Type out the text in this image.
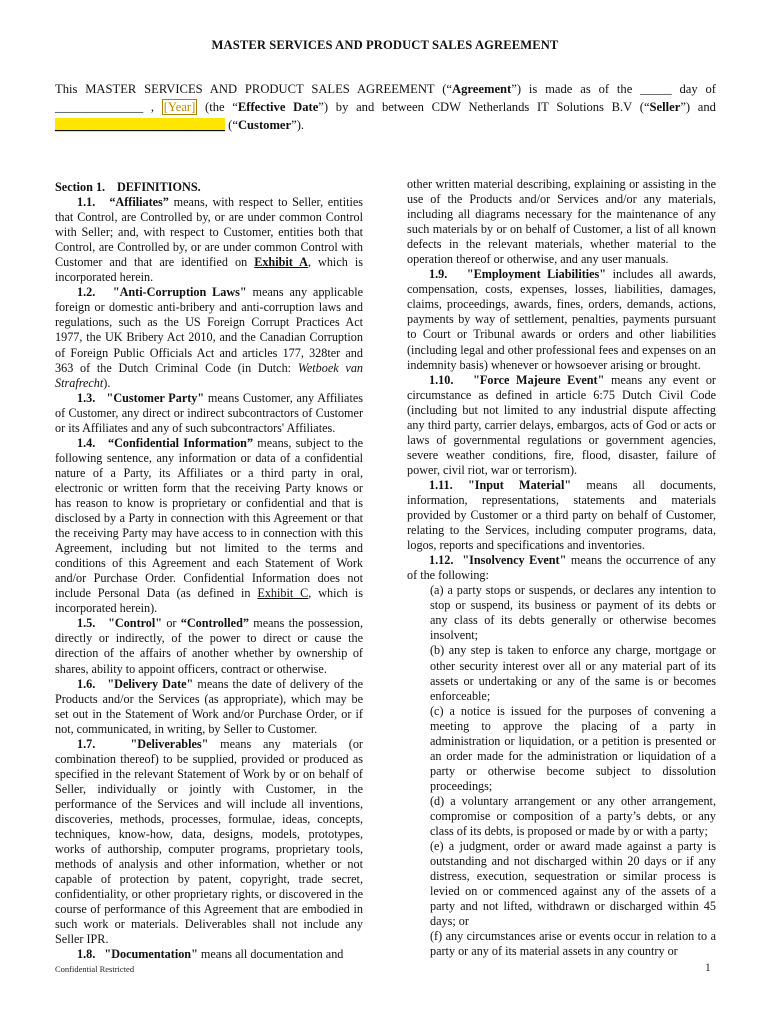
MASTER SERVICES AND PRODUCT SALES AGREEMENT
This MASTER SERVICES AND PRODUCT SALES AGREEMENT (“Agreement”) is made as of the _____ day of ______________ , [Year] (the “Effective Date”) by and between CDW Netherlands IT Solutions B.V (“Seller”) and ___________________________ (“Customer”).

Section 1. DEFINITIONS.

1.1. “Affiliates” means, with respect to Seller, entities that Control, are Controlled by, or are under common Control with Seller; and, with respect to Customer, entities both that Control, are Controlled by, or are under common Control with Customer and that are identified on Exhibit A, which is incorporated herein.

1.2. "Anti-Corruption Laws" means any applicable foreign or domestic anti-bribery and anti-corruption laws and regulations, such as the US Foreign Corrupt Practices Act 1977, the UK Bribery Act 2010, and the Canadian Corruption of Foreign Public Officials Act and articles 177, 328ter and 363 of the Dutch Criminal Code (in Dutch: Wetboek van Strafrecht).

1.3. "Customer Party" means Customer, any Affiliates of Customer, any direct or indirect subcontractors of Customer or its Affiliates and any of such subcontractors' Affiliates.

1.4. “Confidential Information” means, subject to the following sentence, any information or data of a confidential nature of a Party, its Affiliates or a third party in oral, electronic or written form that the receiving Party knows or has reason to know is proprietary or confidential and that is disclosed by a Party in connection with this Agreement or that the receiving Party may have access to in connection with this Agreement, including but not limited to the terms and conditions of this Agreement and each Statement of Work and/or Purchase Order. Confidential Information does not include Personal Data (as defined in Exhibit C, which is incorporated herein).

1.5. "Control" or “Controlled” means the possession, directly or indirectly, of the power to direct or cause the direction of the affairs of another whether by ownership of shares, ability to appoint officers, contract or otherwise.

1.6. "Delivery Date" means the date of delivery of the Products and/or the Services (as appropriate), which may be set out in the Statement of Work and/or Purchase Order, or if not, communicated, in writing, by Seller to Customer.

1.7.	"Deliverables" means any materials (or combination thereof) to be supplied, provided or produced as specified in the relevant Statement of Work by or on behalf of Seller, individually or jointly with Customer, in the performance of the Services and will include all inventions, discoveries, methods, processes, formulae, ideas, concepts, techniques, know-how, data, designs, models, prototypes, works of authorship, computer programs, proprietary tools, methods of analysis and other information, whether or not capable of protection by patent, copyright, trade secret, confidentiality, or other proprietary rights, or discovered in the course of performance of this Agreement that are embodied in such work or materials. Deliverables shall not include any Seller IPR.

1.8. "Documentation" means all documentation and

other written material describing, explaining or assisting in the use of the Products and/or Services and/or any materials, including all diagrams necessary for the maintenance of any such materials by or on behalf of Customer, a list of all known defects in the relevant materials, whether material to the operation thereof or otherwise, and any user manuals.

1.9. "Employment Liabilities" includes all awards, compensation, costs, expenses, losses, liabilities, damages, claims, proceedings, awards, fines, orders, demands, actions, payments by way of settlement, penalties, payments pursuant to Court or Tribunal awards or orders and other liabilities (including legal and other professional fees and expenses on an indemnity basis) whenever or howsoever arising or brought.

1.10. "Force Majeure Event" means any event or circumstance as defined in article 6:75 Dutch Civil Code (including but not limited to any industrial dispute affecting any third party, carrier delays, embargos, acts of God or acts or laws of governmental regulations or government agencies, severe weather conditions, fire, flood, disaster, failure of power, civil riot, war or terrorism).

1.11. "Input Material" means all documents, information, representations, statements and materials provided by Customer or a third party on behalf of Customer, relating to the Services, including computer programs, data, logos, reports and specifications and inventories.

1.12. "Insolvency Event" means the occurrence of any of the following:

(a) a party stops or suspends, or declares any intention to stop or suspend, its business or payment of its debts or any class of its debts generally or otherwise becomes insolvent;

(b) any step is taken to enforce any charge, mortgage or other security interest over all or any material part of its assets or undertaking or any of the same is or becomes enforceable;

(c) a notice is issued for the purposes of convening a meeting to approve the placing of a party in administration or liquidation, or a petition is presented or an order made for the administration or liquidation of a party or otherwise become subject to dissolution proceedings;

(d) a voluntary arrangement or any other arrangement, compromise or composition of a party’s debts, or any class of its debts, is proposed or made by or with a party;

(e) a judgment, order or award made against a party is outstanding and not discharged within 20 days or if any distress, execution, sequestration or similar process is levied on or commenced against any of the assets of a party and not lifted, withdrawn or discharged within 45 days; or

(f) any circumstances arise or events occur in relation to a party or any of its material assets in any country or

Confidential Restricted	1
